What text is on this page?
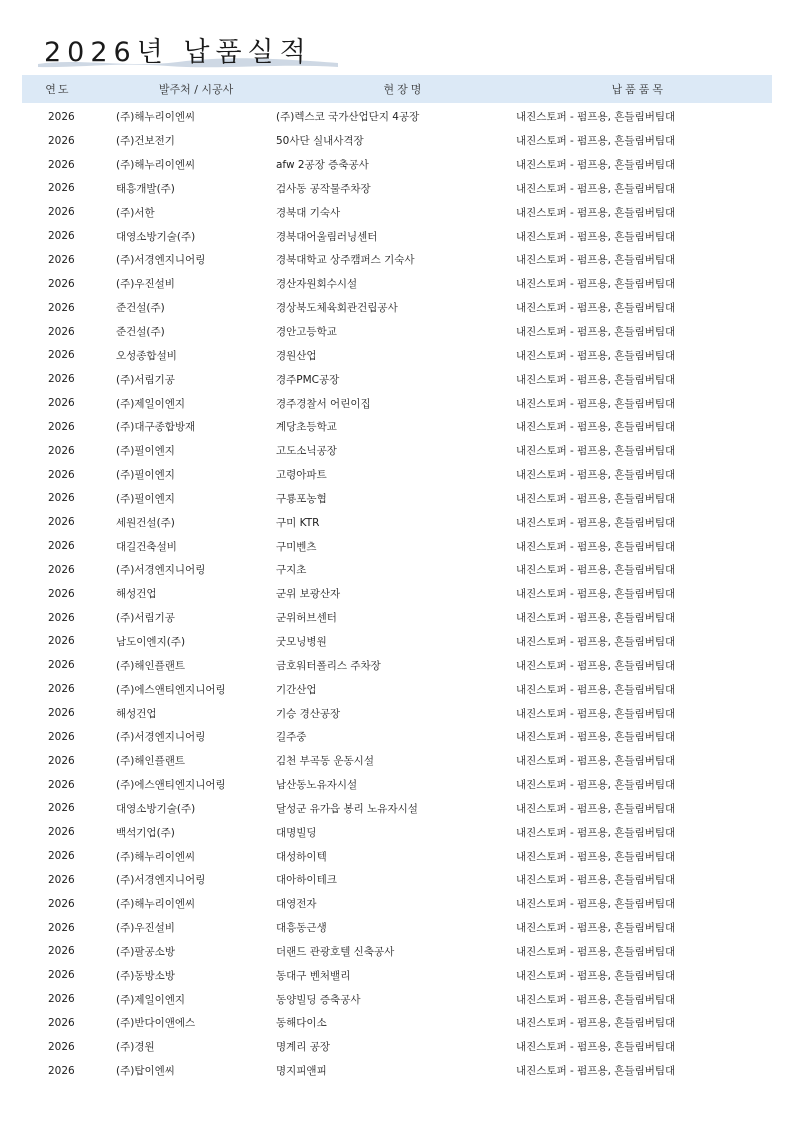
2026년 납품실적
연도	발주처 / 시공사	현장명	납품품목
2026	(주)해누리이엔씨	(주)렉스코 국가산업단지 4공장	내진스토퍼 - 펌프용, 흔들림버팀대
2026	(주)건보전기	50사단 실내사격장	내진스토퍼 - 펌프용, 흔들림버팀대
2026	(주)해누리이엔씨	afw 2공장 증축공사	내진스토퍼 - 펌프용, 흔들림버팀대
2026	태흥개발(주)	검사동 공작물주차장	내진스토퍼 - 펌프용, 흔들림버팀대
2026	(주)서한	경북대 기숙사	내진스토퍼 - 펌프용, 흔들림버팀대
2026	대영소방기술(주)	경북대어울림러닝센터	내진스토퍼 - 펌프용, 흔들림버팀대
2026	(주)서경엔지니어링	경북대학교 상주캠퍼스 기숙사	내진스토퍼 - 펌프용, 흔들림버팀대
2026	(주)우진설비	경산자원회수시설	내진스토퍼 - 펌프용, 흔들림버팀대
2026	준건설(주)	경상북도체육회관건립공사	내진스토퍼 - 펌프용, 흔들림버팀대
2026	준건설(주)	경안고등학교	내진스토퍼 - 펌프용, 흔들림버팀대
2026	오성종합설비	경원산업	내진스토퍼 - 펌프용, 흔들림버팀대
2026	(주)서림기공	경주PMC공장	내진스토퍼 - 펌프용, 흔들림버팀대
2026	(주)제일이엔지	경주경찰서 어린이집	내진스토퍼 - 펌프용, 흔들림버팀대
2026	(주)대구종합방재	계당초등학교	내진스토퍼 - 펌프용, 흔들림버팀대
2026	(주)필이엔지	고도소닉공장	내진스토퍼 - 펌프용, 흔들림버팀대
2026	(주)필이엔지	고령아파트	내진스토퍼 - 펌프용, 흔들림버팀대
2026	(주)필이엔지	구룡포농협	내진스토퍼 - 펌프용, 흔들림버팀대
2026	세원건설(주)	구미 KTR	내진스토퍼 - 펌프용, 흔들림버팀대
2026	대길건축설비	구미벤츠	내진스토퍼 - 펌프용, 흔들림버팀대
2026	(주)서경엔지니어링	구지초	내진스토퍼 - 펌프용, 흔들림버팀대
2026	해성건업	군위 보광산자	내진스토퍼 - 펌프용, 흔들림버팀대
2026	(주)서림기공	군위허브센터	내진스토퍼 - 펌프용, 흔들림버팀대
2026	남도이엔지(주)	굿모닝병원	내진스토퍼 - 펌프용, 흔들림버팀대
2026	(주)해인플랜트	금호워터폴리스 주차장	내진스토퍼 - 펌프용, 흔들림버팀대
2026	(주)에스앤티엔지니어링	기간산업	내진스토퍼 - 펌프용, 흔들림버팀대
2026	해성건업	기승 경산공장	내진스토퍼 - 펌프용, 흔들림버팀대
2026	(주)서경엔지니어링	길주중	내진스토퍼 - 펌프용, 흔들림버팀대
2026	(주)해인플랜트	김천 부곡동 운동시설	내진스토퍼 - 펌프용, 흔들림버팀대
2026	(주)에스앤티엔지니어링	남산동노유자시설	내진스토퍼 - 펌프용, 흔들림버팀대
2026	대영소방기술(주)	달성군 유가읍 봉리 노유자시설	내진스토퍼 - 펌프용, 흔들림버팀대
2026	백석기업(주)	대명빌딩	내진스토퍼 - 펌프용, 흔들림버팀대
2026	(주)해누리이엔씨	대성하이텍	내진스토퍼 - 펌프용, 흔들림버팀대
2026	(주)서경엔지니어링	대아하이테크	내진스토퍼 - 펌프용, 흔들림버팀대
2026	(주)해누리이엔씨	대영전자	내진스토퍼 - 펌프용, 흔들림버팀대
2026	(주)우진설비	대흥동근생	내진스토퍼 - 펌프용, 흔들림버팀대
2026	(주)팔공소방	더랜드 관광호텔 신축공사	내진스토퍼 - 펌프용, 흔들림버팀대
2026	(주)동방소방	동대구 벤처밸리	내진스토퍼 - 펌프용, 흔들림버팀대
2026	(주)제일이엔지	동양빌딩 증축공사	내진스토퍼 - 펌프용, 흔들림버팀대
2026	(주)반다이앤에스	동해다이소	내진스토퍼 - 펌프용, 흔들림버팀대
2026	(주)경원	명계리 공장	내진스토퍼 - 펌프용, 흔들림버팀대
2026	(주)탑이엔씨	명지피앤피	내진스토퍼 - 펌프용, 흔들림버팀대
